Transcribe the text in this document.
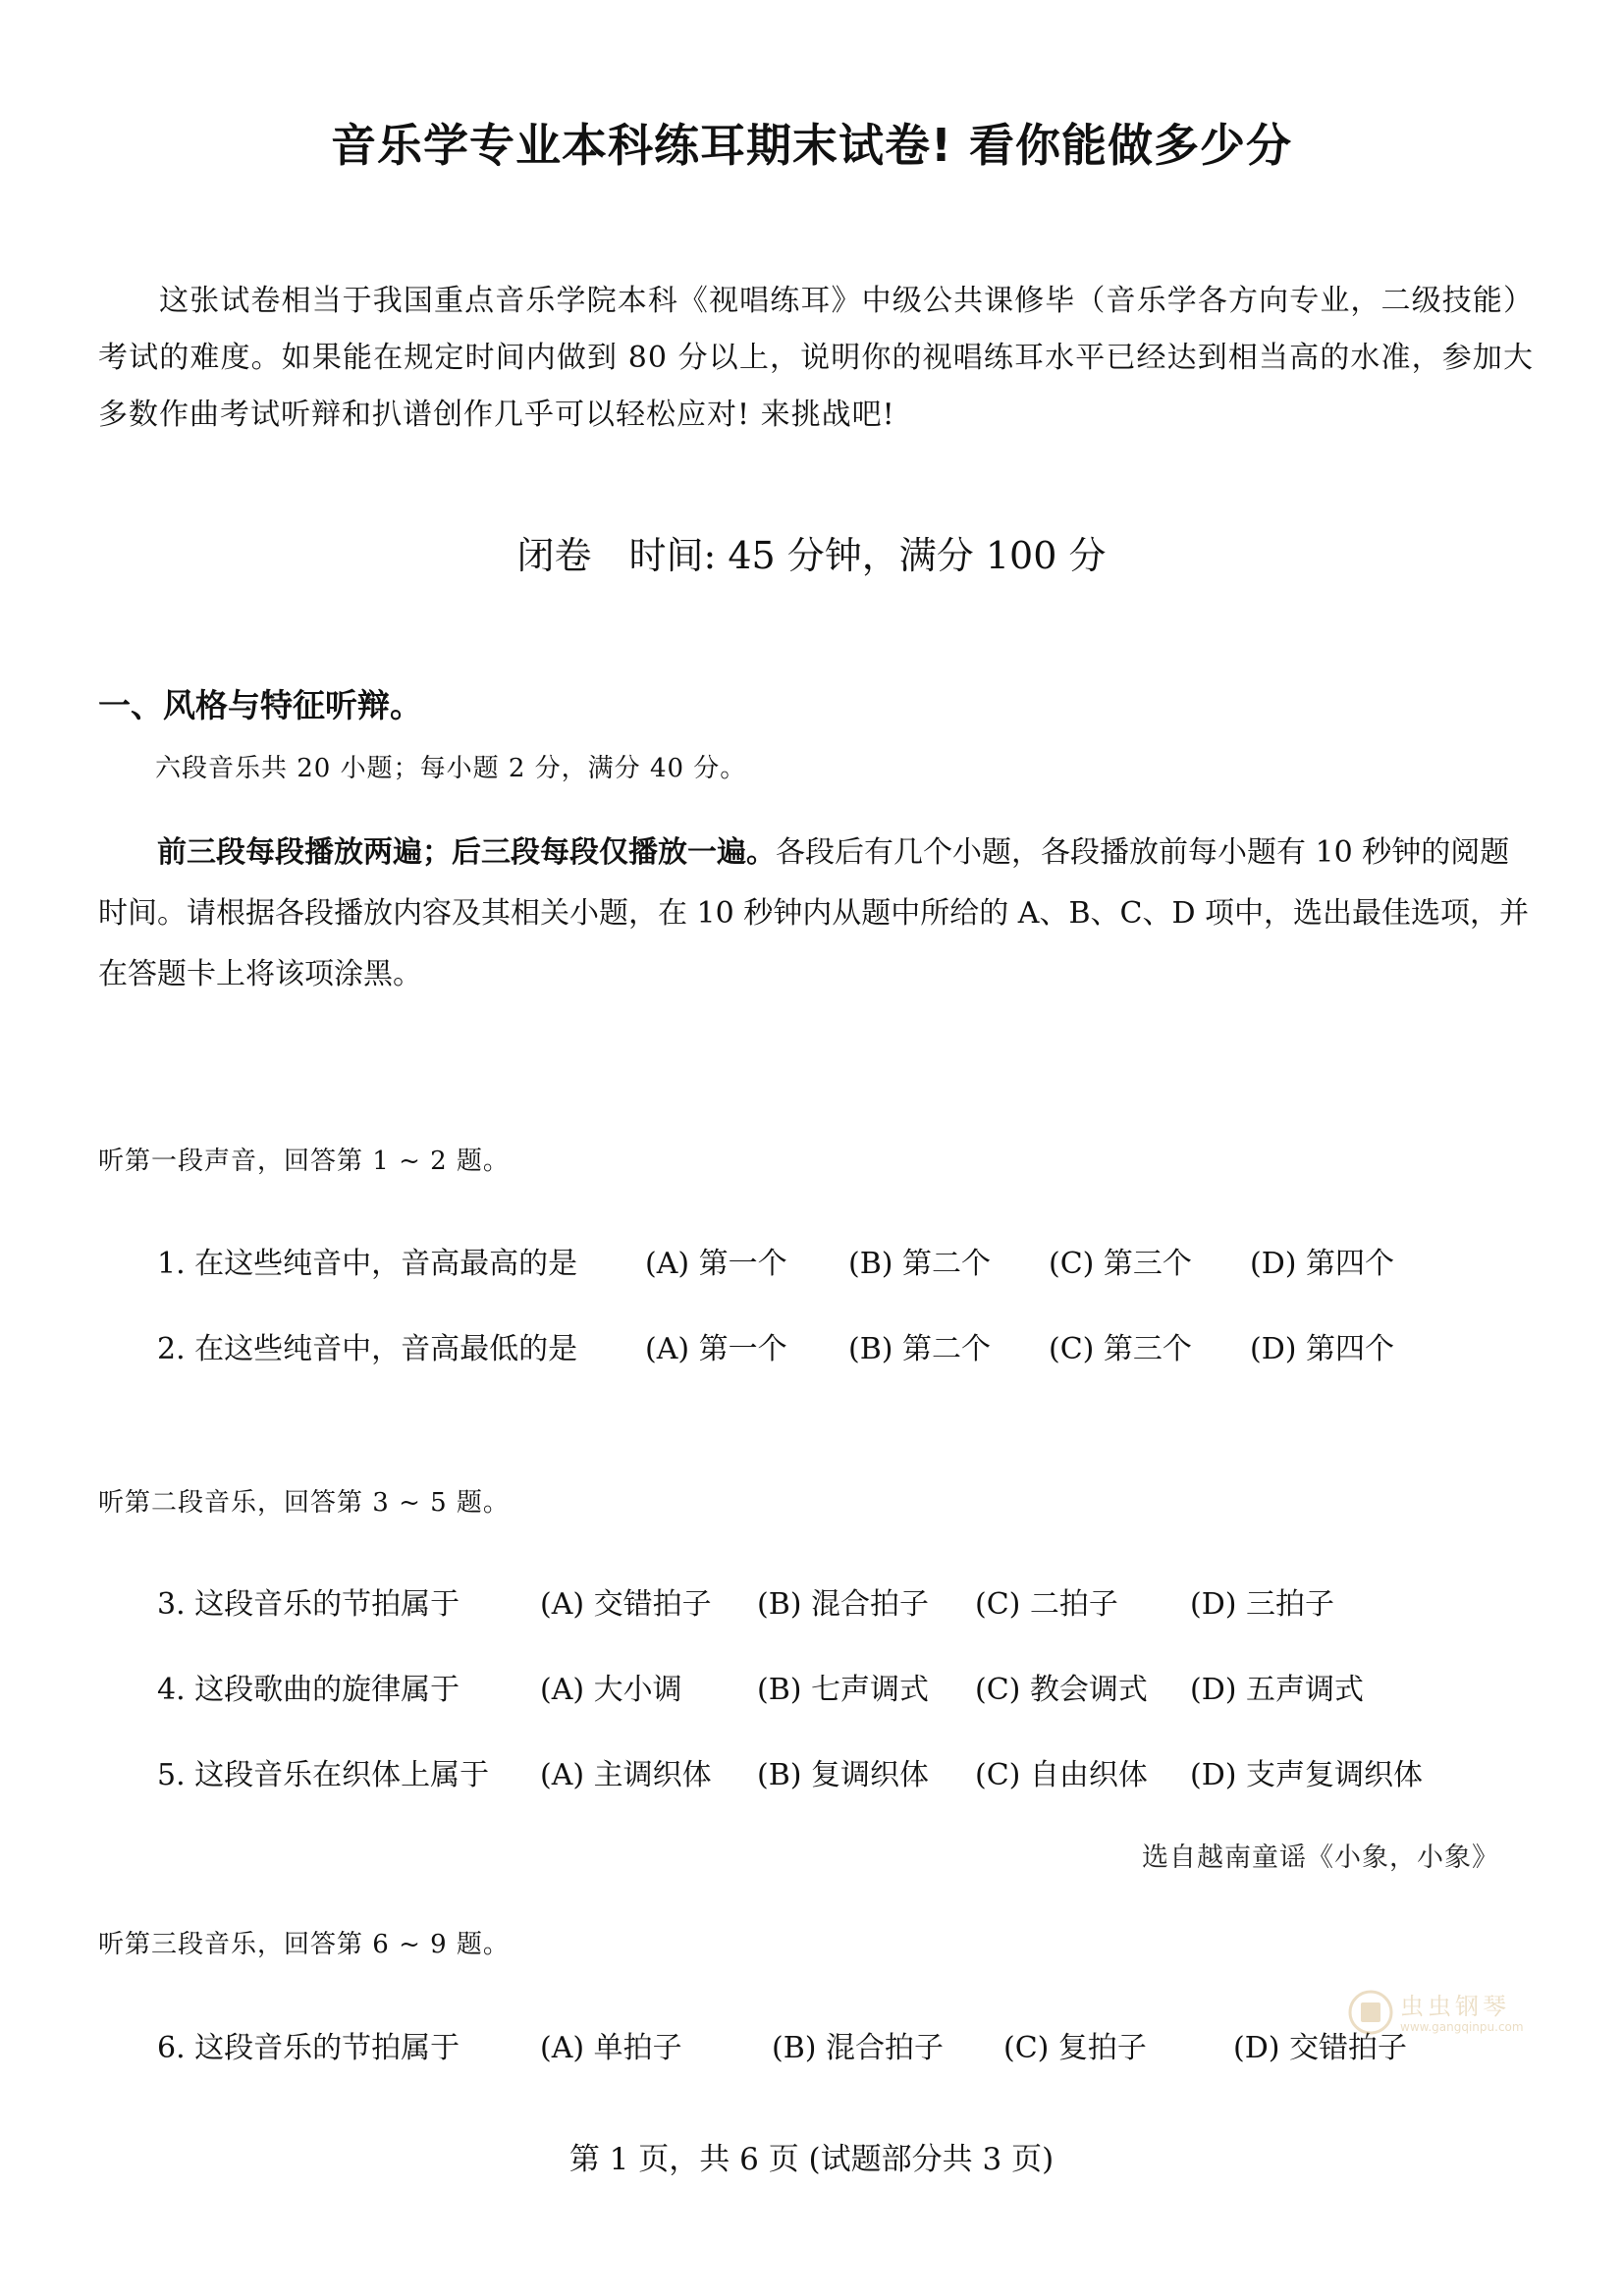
音乐学专业本科练耳期末试卷! 看你能做多少分
这张试卷相当于我国重点音乐学院本科《视唱练耳》中级公共课修毕（音乐学各方向专业，二级技能）考试的难度。如果能在规定时间内做到 80 分以上，说明你的视唱练耳水平已经达到相当高的水准，参加大多数作曲考试听辩和扒谱创作几乎可以轻松应对! 来挑战吧!
闭卷　时间: 45 分钟，满分 100 分
一、风格与特征听辩。
六段音乐共 20 小题；每小题 2 分，满分 40 分。
前三段每段播放两遍；后三段每段仅播放一遍。各段后有几个小题，各段播放前每小题有 10 秒钟的阅题时间。请根据各段播放内容及其相关小题，在 10 秒钟内从题中所给的 A、B、C、D 项中，选出最佳选项，并在答题卡上将该项涂黑。
听第一段声音，回答第 1 ~ 2 题。
1. 在这些纯音中，音高最高的是 (A) 第一个 (B) 第二个 (C) 第三个 (D) 第四个
2. 在这些纯音中，音高最低的是 (A) 第一个 (B) 第二个 (C) 第三个 (D) 第四个
听第二段音乐，回答第 3 ~ 5 题。
3. 这段音乐的节拍属于	(A) 交错拍子 (B) 混合拍子 (C) 二拍子 (D) 三拍子
4. 这段歌曲的旋律属于	(A) 大小调	(B) 七声调式 (C) 教会调式 (D) 五声调式
5. 这段音乐在织体上属于 (A) 主调织体 (B) 复调织体 (C) 自由织体 (D) 支声复调织体
选自越南童谣《小象，小象》
听第三段音乐，回答第 6 ~ 9 题。
6. 这段音乐的节拍属于	(A) 单拍子	(B) 混合拍子 (C) 复拍子	(D) 交错拍子
虫虫钢琴
www.gangqinpu.com
第 1 页，共 6 页 (试题部分共 3 页)
